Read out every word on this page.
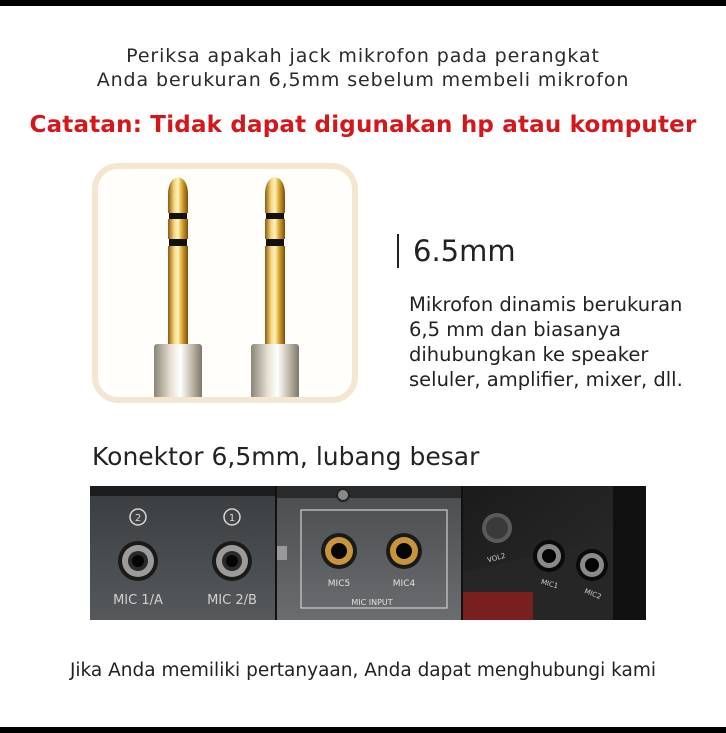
Periksa apakah jack mikrofon pada perangkat
Anda berukuran 6,5mm sebelum membeli mikrofon
Catatan: Tidak dapat digunakan hp atau komputer
6.5mm
Mikrofon dinamis berukuran
6,5 mm dan biasanya
dihubungkan ke speaker
seluler, amplifier, mixer, dll.
Konektor 6,5mm, lubang besar
2	1
MIC 1/A	MIC 2/B
MIC5	MIC4
MIC INPUT
VOL2
MIC1
MIC2
Jika Anda memiliki pertanyaan, Anda dapat menghubungi kami
